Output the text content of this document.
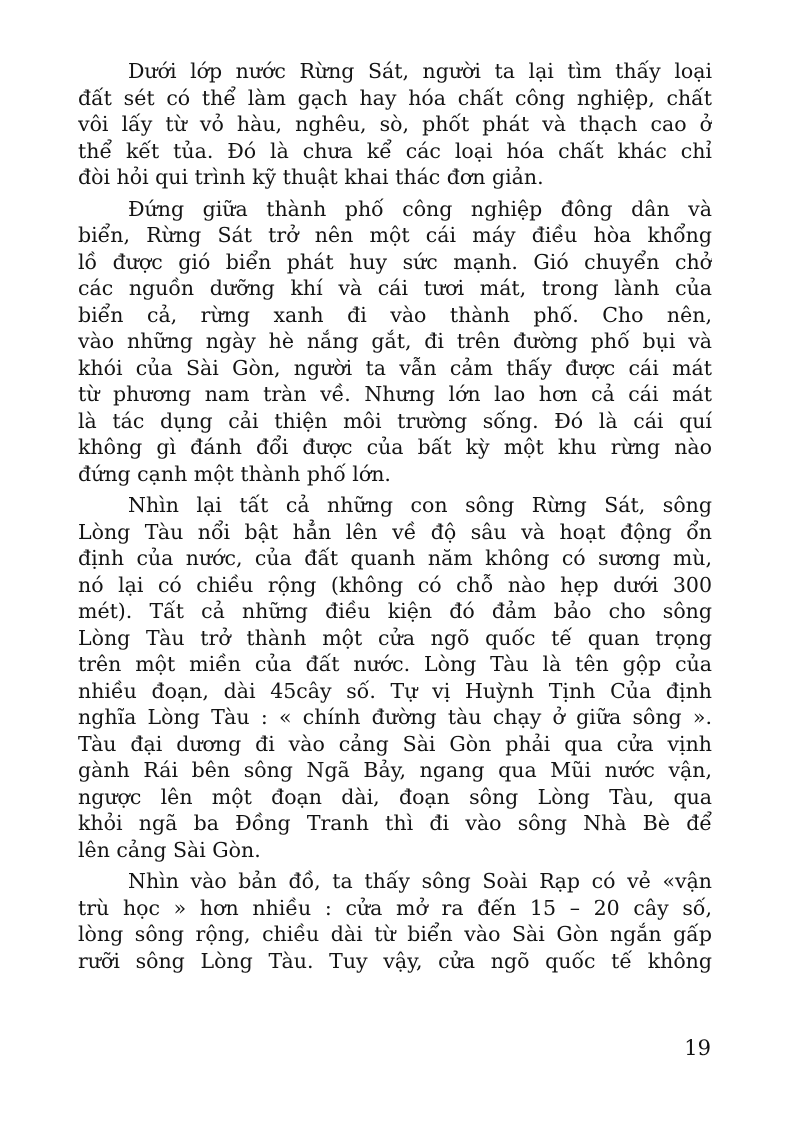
Dưới lớp nước Rừng Sát, người ta lại tìm thấy loại
đất sét có thể làm gạch hay hóa chất công nghiệp, chất
vôi lấy từ vỏ hàu, nghêu, sò, phốt phát và thạch cao ở
thể kết tủa. Đó là chưa kể các loại hóa chất khác chỉ
đòi hỏi qui trình kỹ thuật khai thác đơn giản.
Đứng giữa thành phố công nghiệp đông dân và
biển, Rừng Sát trở nên một cái máy điều hòa khổng
lồ được gió biển phát huy sức mạnh. Gió chuyển chở
các nguồn dưỡng khí và cái tươi mát, trong lành của
biển cả, rừng xanh đi vào thành phố. Cho nên,
vào những ngày hè nắng gắt, đi trên đường phố bụi và
khói của Sài Gòn, người ta vẫn cảm thấy được cái mát
từ phương nam tràn về. Nhưng lớn lao hơn cả cái mát
là tác dụng cải thiện môi trường sống. Đó là cái quí
không gì đánh đổi được của bất kỳ một khu rừng nào
đứng cạnh một thành phố lớn.
Nhìn lại tất cả những con sông Rừng Sát, sông
Lòng Tàu nổi bật hẳn lên về độ sâu và hoạt động ổn
định của nước, của đất quanh năm không có sương mù,
nó lại có chiều rộng (không có chỗ nào hẹp dưới 300
mét). Tất cả những điều kiện đó đảm bảo cho sông
Lòng Tàu trở thành một cửa ngõ quốc tế quan trọng
trên một miền của đất nước. Lòng Tàu là tên gộp của
nhiều đoạn, dài 45cây số. Tự vị Huỳnh Tịnh Của định
nghĩa Lòng Tàu : « chính đường tàu chạy ở giữa sông ».
Tàu đại dương đi vào cảng Sài Gòn phải qua cửa vịnh
gành Rái bên sông Ngã Bảy, ngang qua Mũi nước vận,
ngược lên một đoạn dài, đoạn sông Lòng Tàu, qua
khỏi ngã ba Đồng Tranh thì đi vào sông Nhà Bè để
lên cảng Sài Gòn.
Nhìn vào bản đồ, ta thấy sông Soài Rạp có vẻ «vận
trù học » hơn nhiều : cửa mở ra đến 15 – 20 cây số,
lòng sông rộng, chiều dài từ biển vào Sài Gòn ngắn gấp
rưỡi sông Lòng Tàu. Tuy vậy, cửa ngõ quốc tế không
19
